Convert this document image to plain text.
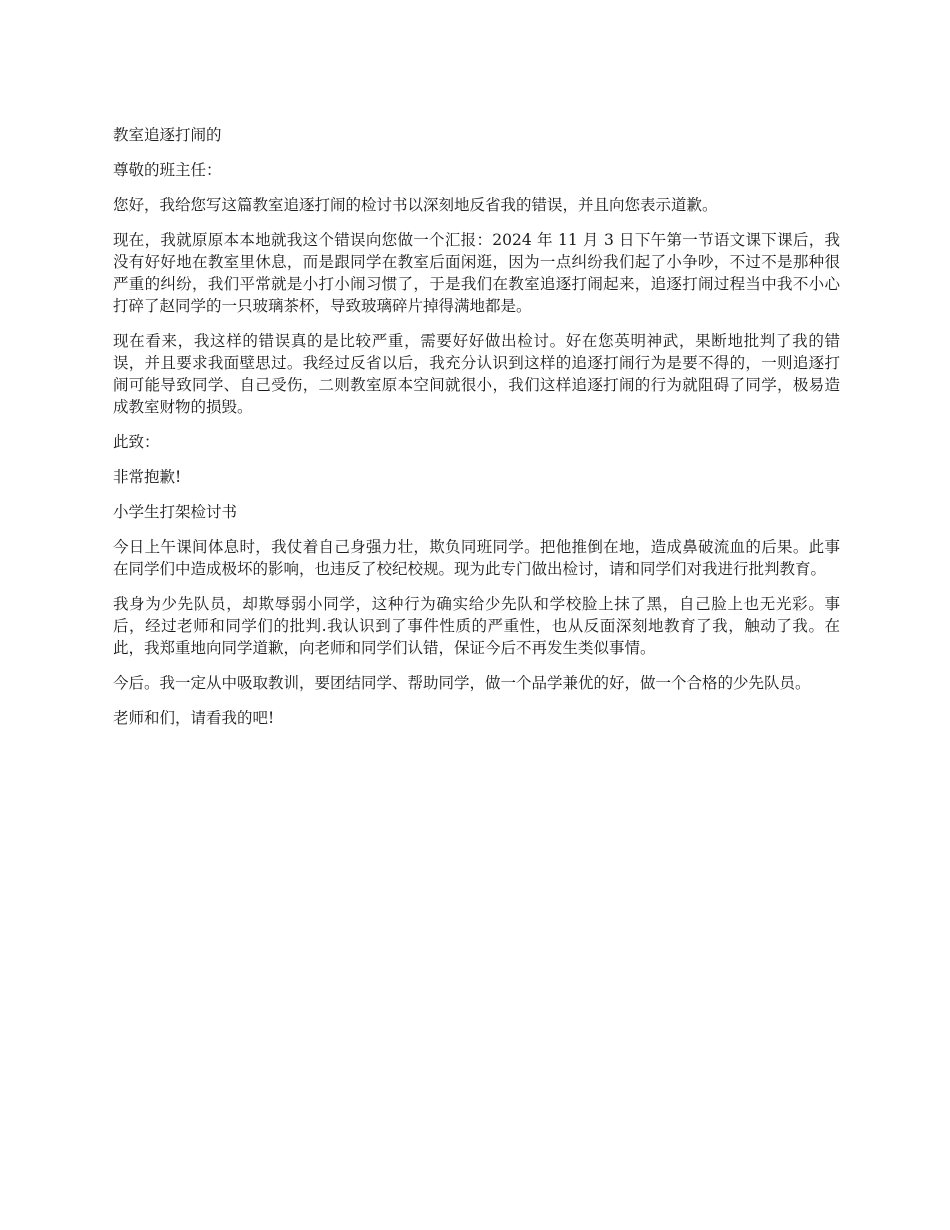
教室追逐打闹的

尊敬的班主任：

您好，我给您写这篇教室追逐打闹的检讨书以深刻地反省我的错误，并且向您表示道歉。

现在，我就原原本本地就我这个错误向您做一个汇报：2024 年 11 月 3 日下午第一节语文课下课后，我没有好好地在教室里休息，而是跟同学在教室后面闲逛，因为一点纠纷我们起了小争吵，不过不是那种很严重的纠纷，我们平常就是小打小闹习惯了，于是我们在教室追逐打闹起来，追逐打闹过程当中我不小心打碎了赵同学的一只玻璃茶杯，导致玻璃碎片掉得满地都是。

现在看来，我这样的错误真的是比较严重，需要好好做出检讨。好在您英明神武，果断地批判了我的错误，并且要求我面壁思过。我经过反省以后，我充分认识到这样的追逐打闹行为是要不得的，一则追逐打闹可能导致同学、自己受伤，二则教室原本空间就很小，我们这样追逐打闹的行为就阻碍了同学，极易造成教室财物的损毁。

此致：

非常抱歉!

小学生打架检讨书

今日上午课间体息时，我仗着自己身强力壮，欺负同班同学。把他推倒在地，造成鼻破流血的后果。此事在同学们中造成极坏的影响，也违反了校纪校规。现为此专门做出检讨，请和同学们对我进行批判教育。

我身为少先队员，却欺辱弱小同学，这种行为确实给少先队和学校脸上抹了黑，自己脸上也无光彩。事后，经过老师和同学们的批判.我认识到了事件性质的严重性，也从反面深刻地教育了我，触动了我。在此，我郑重地向同学道歉，向老师和同学们认错，保证今后不再发生类似事情。

今后。我一定从中吸取教训，要团结同学、帮助同学，做一个品学兼优的好，做一个合格的少先队员。

老师和们，请看我的吧!
